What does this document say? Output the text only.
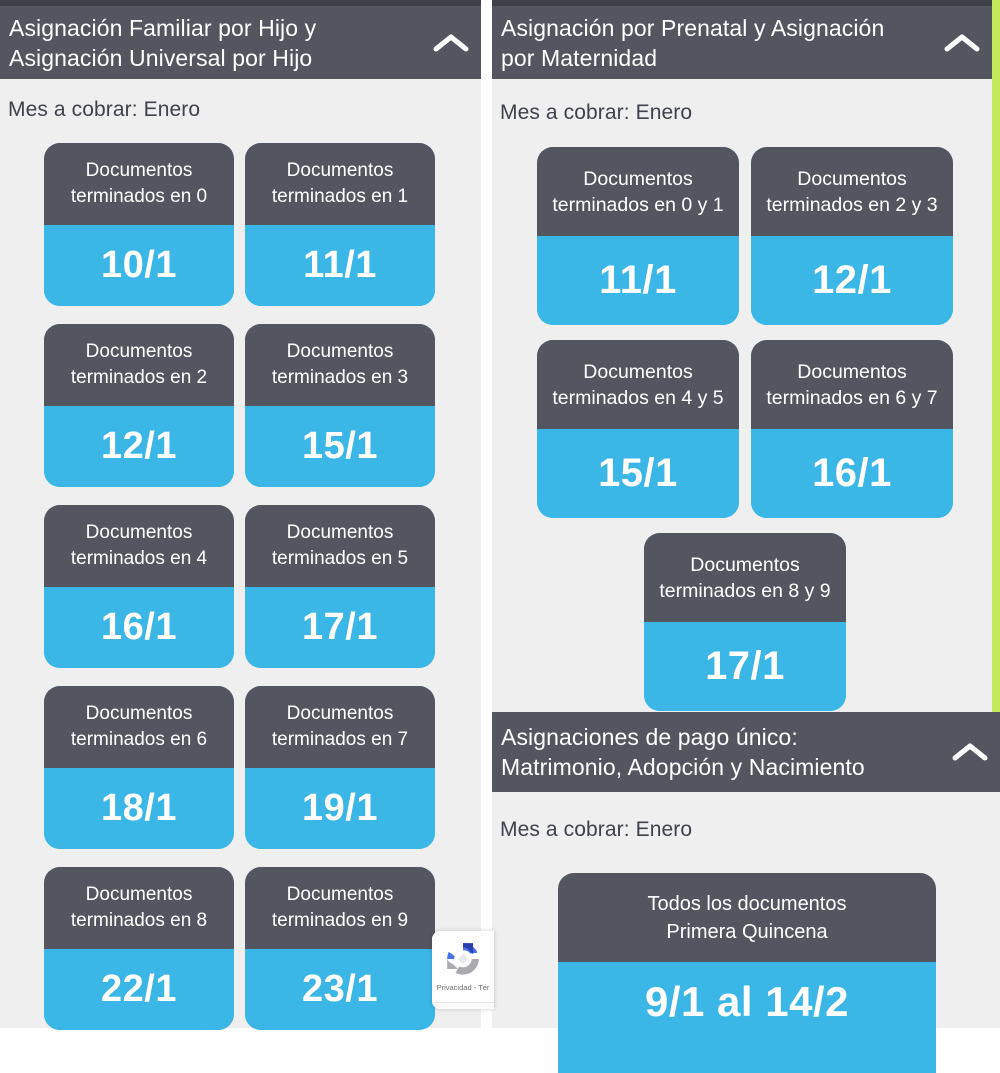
Asignación Familiar por Hijo y
Asignación Universal por Hijo
Mes a cobrar: Enero
Documentos terminados en 0
10/1
Documentos terminados en 1
11/1
Documentos terminados en 2
12/1
Documentos terminados en 3
15/1
Documentos terminados en 4
16/1
Documentos terminados en 5
17/1
Documentos terminados en 6
18/1
Documentos terminados en 7
19/1
Documentos terminados en 8
22/1
Documentos terminados en 9
23/1
Asignación por Prenatal y Asignación
por Maternidad
Mes a cobrar: Enero
Documentos terminados en 0 y 1
11/1
Documentos terminados en 2 y 3
12/1
Documentos terminados en 4 y 5
15/1
Documentos terminados en 6 y 7
16/1
Documentos terminados en 8 y 9
17/1
Asignaciones de pago único:
Matrimonio, Adopción y Nacimiento
Mes a cobrar: Enero
Todos los documentos
Primera Quincena
9/1 al 14/2
Privacidad - Tér
